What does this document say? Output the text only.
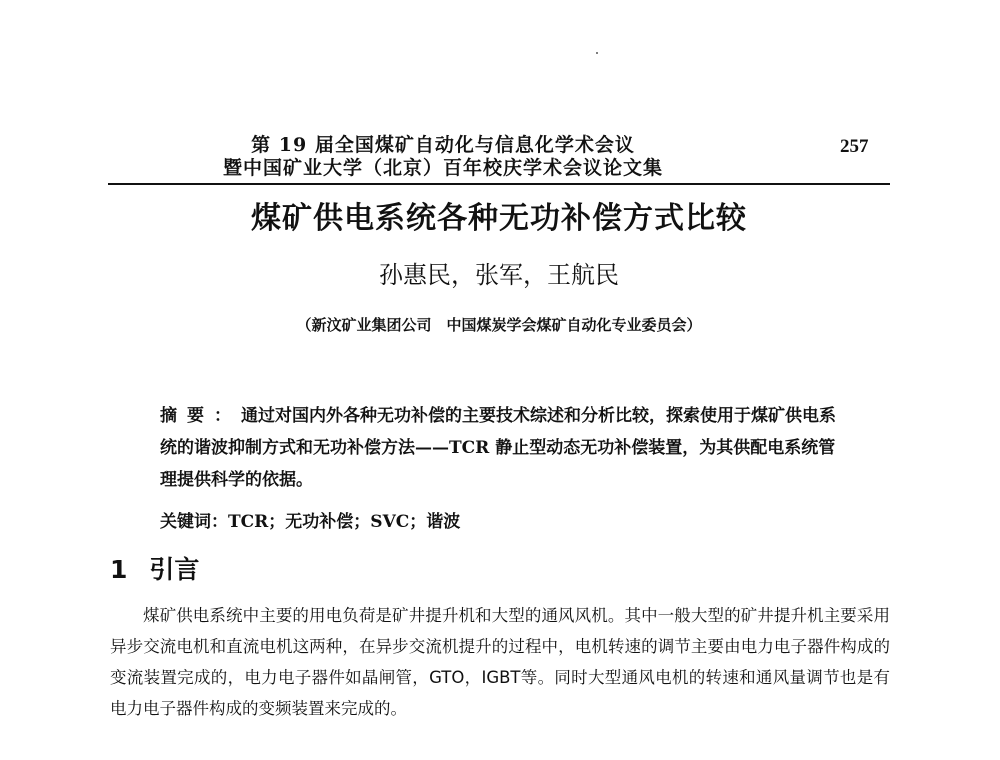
第 19 届全国煤矿自动化与信息化学术会议
暨中国矿业大学（北京）百年校庆学术会议论文集
257
煤矿供电系统各种无功补偿方式比较
孙惠民，张军，王航民
（新汶矿业集团公司　中国煤炭学会煤矿自动化专业委员会）
摘要：通过对国内外各种无功补偿的主要技术综述和分析比较，探索使用于煤矿供电系统的谐波抑制方式和无功补偿方法——TCR 静止型动态无功补偿装置，为其供配电系统管理提供科学的依据。
关键词：TCR；无功补偿；SVC；谐波
1 引言

煤矿供电系统中主要的用电负荷是矿井提升机和大型的通风风机。其中一般大型的矿井提升机主要采用异步交流电机和直流电机这两种，在异步交流机提升的过程中，电机转速的调节主要由电力电子器件构成的变流装置完成的，电力电子器件如晶闸管，GTO，IGBT等。同时大型通风电机的转速和通风量调节也是有电力电子器件构成的变频装置来完成的。
